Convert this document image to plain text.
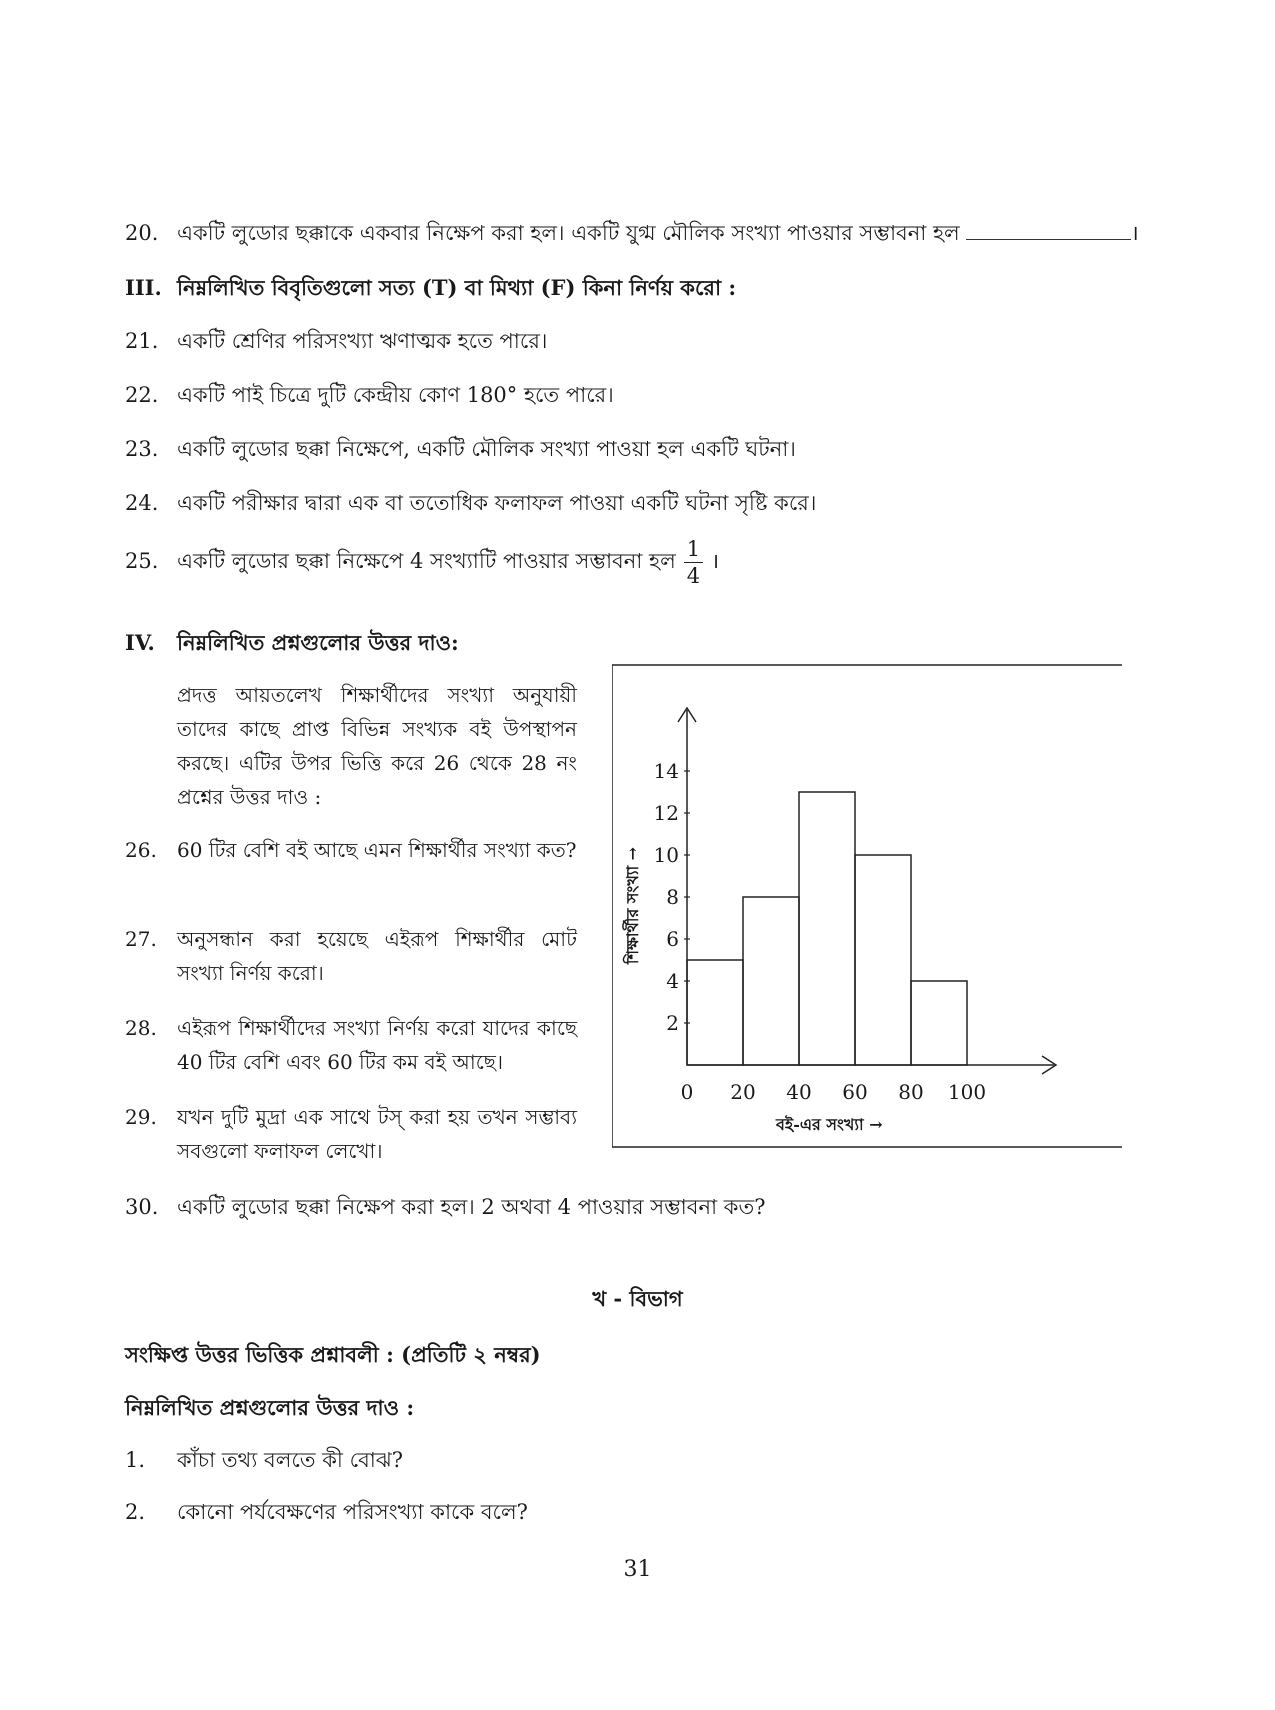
20. একটি লুডোর ছক্কাকে একবার নিক্ষেপ করা হল। একটি যুগ্ম মৌলিক সংখ্যা পাওয়ার সম্ভাবনা হল	।
III. নিম্নলিখিত বিবৃতিগুলো সত্য (T) বা মিথ্যা (F) কিনা নির্ণয় করো :
21. একটি শ্রেণির পরিসংখ্যা ঋণাত্মক হতে পারে।
22. একটি পাই চিত্রে দুটি কেন্দ্রীয় কোণ 180° হতে পারে।
23. একটি লুডোর ছক্কা নিক্ষেপে, একটি মৌলিক সংখ্যা পাওয়া হল একটি ঘটনা।
24. একটি পরীক্ষার দ্বারা এক বা ততোধিক ফলাফল পাওয়া একটি ঘটনা সৃষ্টি করে।
25. একটি লুডোর ছক্কা নিক্ষেপে 4 সংখ্যাটি পাওয়ার সম্ভাবনা হল $\frac{1}{4}$ ।
IV. নিম্নলিখিত প্রশ্নগুলোর উত্তর দাও:
প্রদত্ত আয়তলেখ শিক্ষার্থীদের সংখ্যা অনুযায়ী তাদের কাছে প্রাপ্ত বিভিন্ন সংখ্যক বই উপস্থাপন করছে। এটির উপর ভিত্তি করে 26 থেকে 28 নং প্রশ্নের উত্তর দাও :
26. 60 টির বেশি বই আছে এমন শিক্ষার্থীর সংখ্যা কত?
27. অনুসন্ধান করা হয়েছে এইরূপ শিক্ষার্থীর মোট সংখ্যা নির্ণয় করো।
28. এইরূপ শিক্ষার্থীদের সংখ্যা নির্ণয় করো যাদের কাছে 40 টির বেশি এবং 60 টির কম বই আছে।
29. যখন দুটি মুদ্রা এক সাথে টস্ করা হয় তখন সম্ভাব্য সবগুলো ফলাফল লেখো।
2
4
6
8
10
12
14
0 20 40 60 80 100
শিক্ষার্থীর সংখ্যা →
বই-এর সংখ্যা →
30. একটি লুডোর ছক্কা নিক্ষেপ করা হল। 2 অথবা 4 পাওয়ার সম্ভাবনা কত?
খ - বিভাগ
সংক্ষিপ্ত উত্তর ভিত্তিক প্রশ্নাবলী : (প্রতিটি ২ নম্বর)
নিম্নলিখিত প্রশ্নগুলোর উত্তর দাও :
1. কাঁচা তথ্য বলতে কী বোঝ?
2. কোনো পর্যবেক্ষণের পরিসংখ্যা কাকে বলে?
31
